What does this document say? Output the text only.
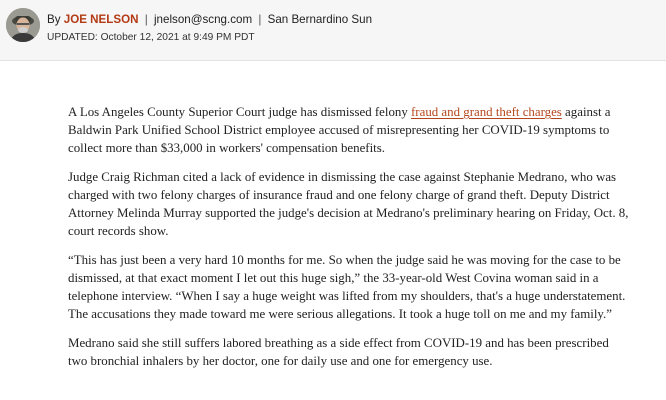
By JOE NELSON | jnelson@scng.com | San Bernardino Sun
UPDATED: October 12, 2021 at 9:49 PM PDT

A Los Angeles County Superior Court judge has dismissed felony fraud and grand theft charges against a Baldwin Park Unified School District employee accused of misrepresenting her COVID-19 symptoms to collect more than $33,000 in workers' compensation benefits.

Judge Craig Richman cited a lack of evidence in dismissing the case against Stephanie Medrano, who was charged with two felony charges of insurance fraud and one felony charge of grand theft. Deputy District Attorney Melinda Murray supported the judge's decision at Medrano's preliminary hearing on Friday, Oct. 8, court records show.

“This has just been a very hard 10 months for me. So when the judge said he was moving for the case to be dismissed, at that exact moment I let out this huge sigh,” the 33-year-old West Covina woman said in a telephone interview. “When I say a huge weight was lifted from my shoulders, that's a huge understatement. The accusations they made toward me were serious allegations. It took a huge toll on me and my family.”

Medrano said she still suffers labored breathing as a side effect from COVID-19 and has been prescribed two bronchial inhalers by her doctor, one for daily use and one for emergency use.
